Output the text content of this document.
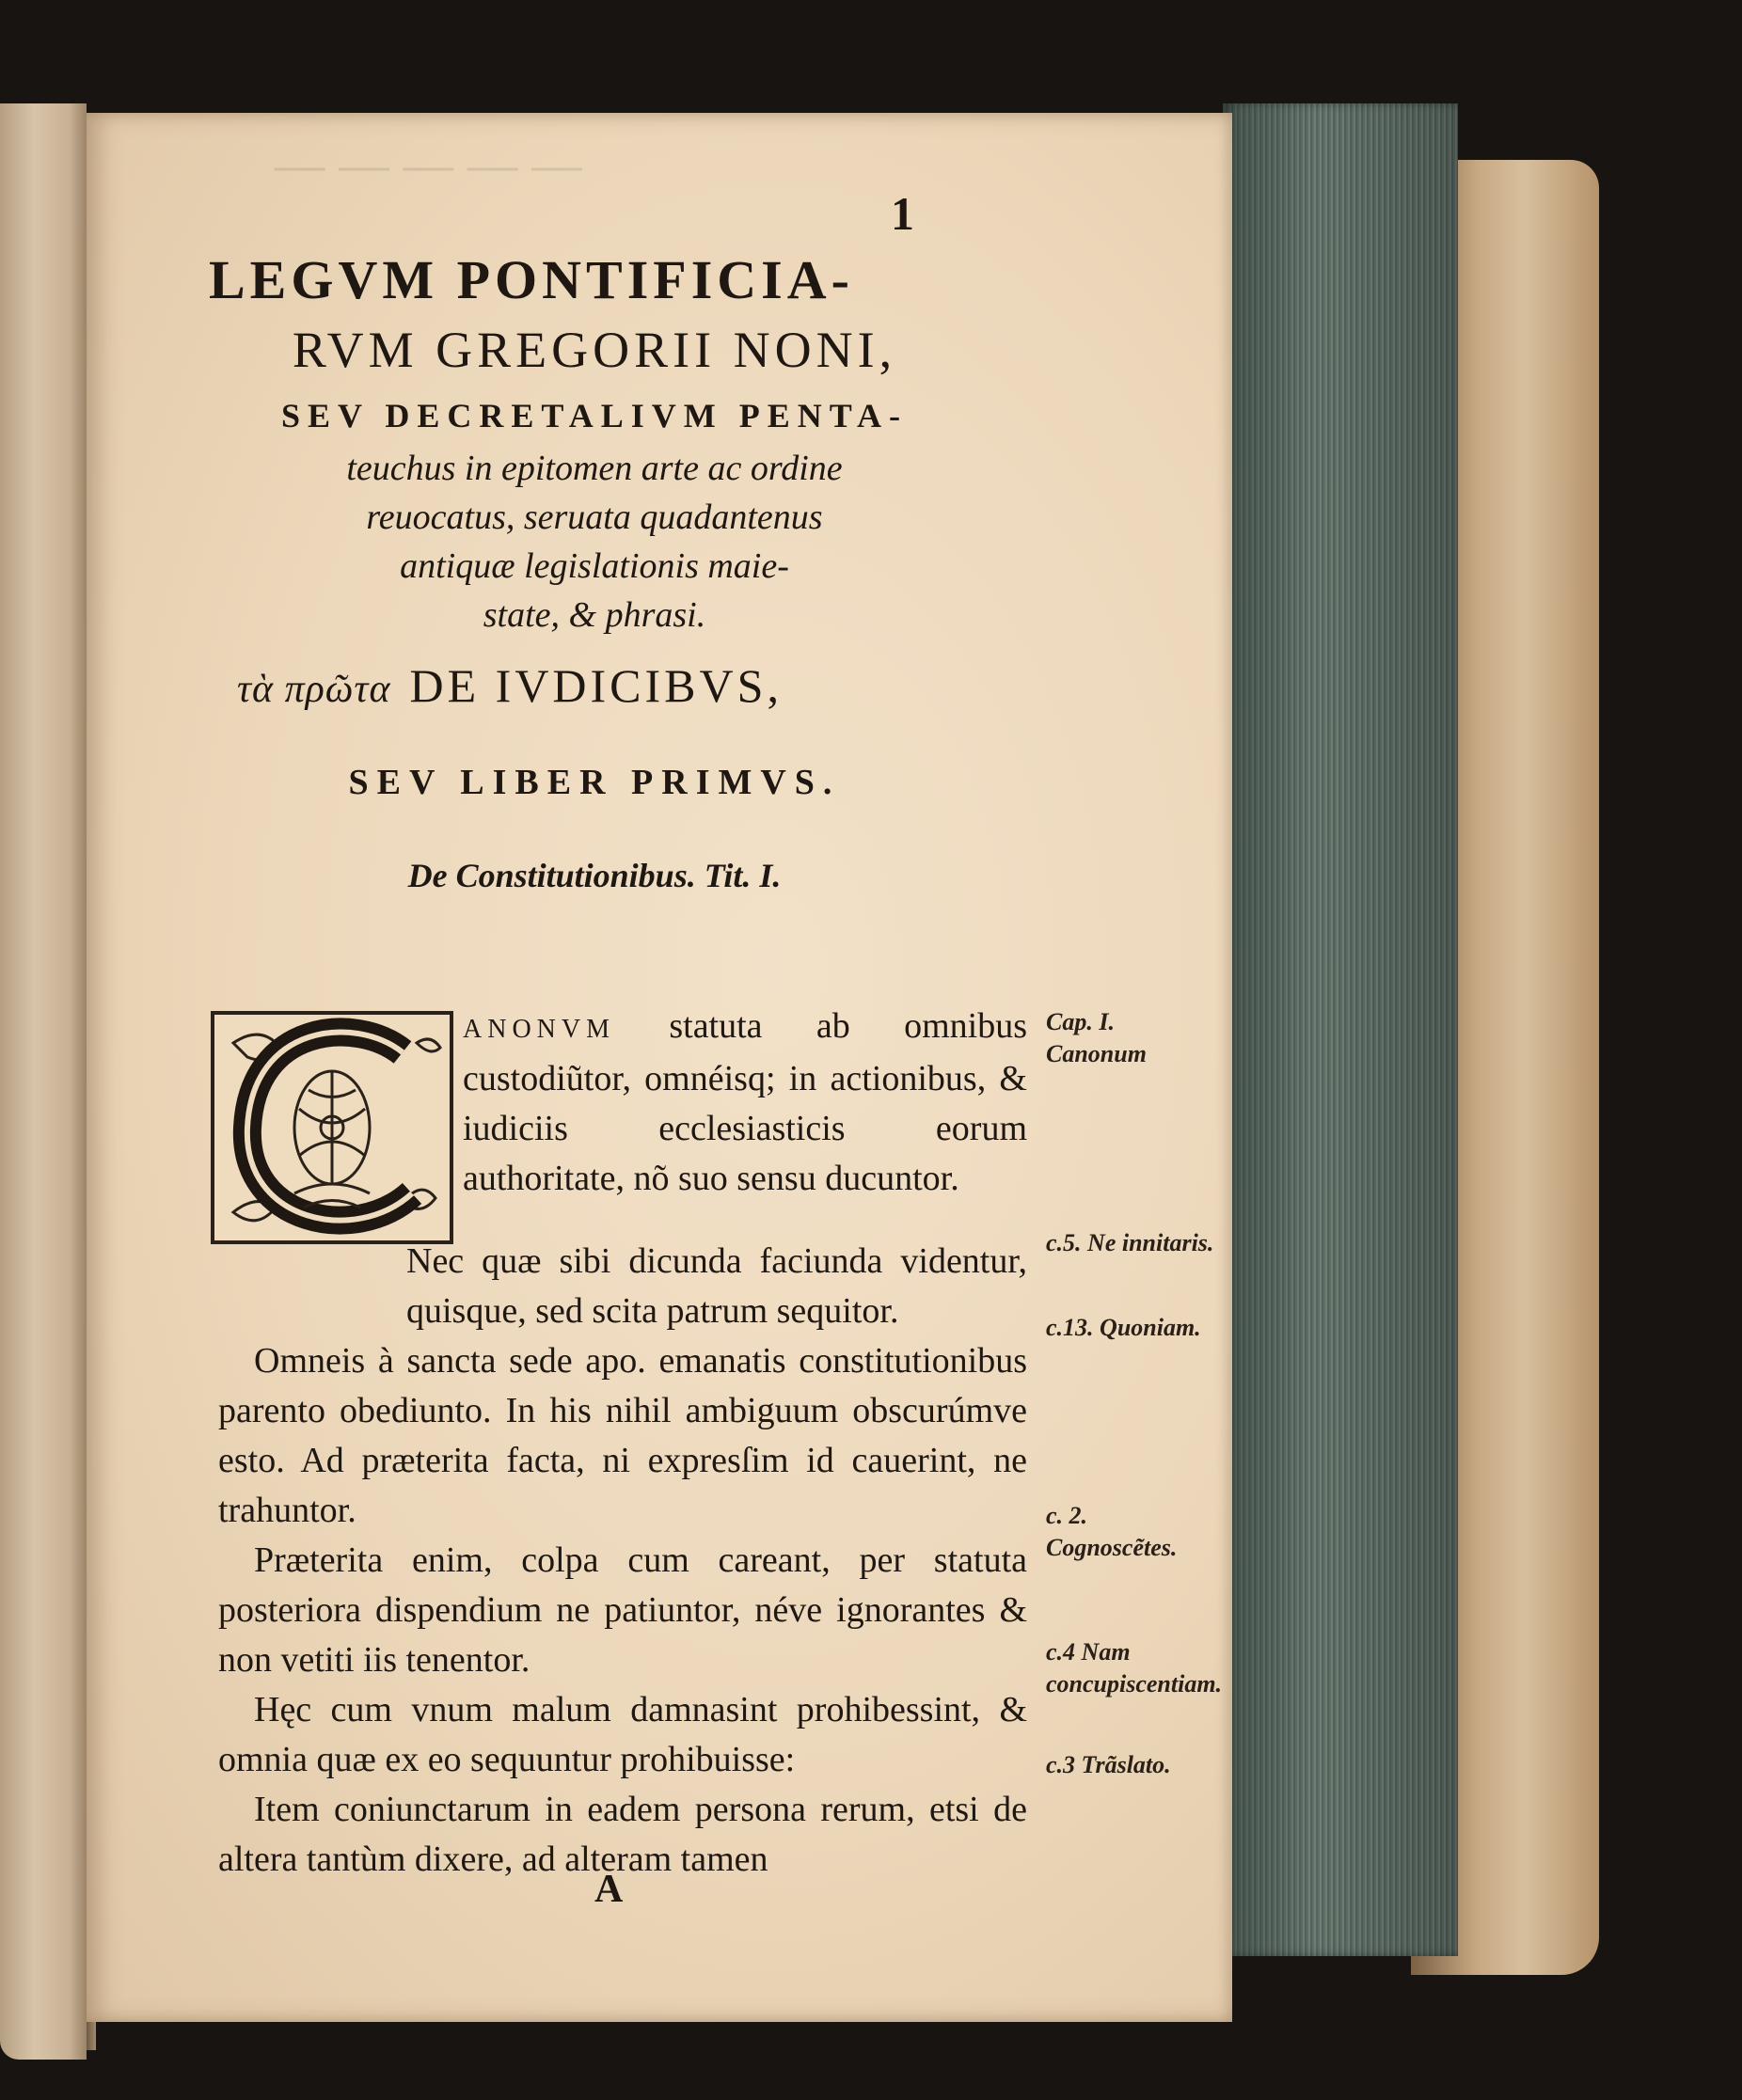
— — — — —
1
LEGVM PONTIFICIA-
RVM GREGORII NONI,
SEV DECRETALIVM PENTA-
teuchus in epitomen arte ac ordine
reuocatus, seruata quadantenus
antiquæ legislationis maie-
state, & phrasi.
τὰ πρῶτα DE IVDICIBVS,
SEV LIBER PRIMVS.
De Constitutionibus. Tit. I.
ANONVM statuta ab omnibus custodiũtor, omnéisq; in actionibus, & iudiciis ecclesiasticis eorum authoritate, nõ suo sensu ducuntor.

Nec quæ sibi dicunda faciunda videntur, quisque, sed scita patrum sequitor.

Omneis à sancta sede apo. emanatis constitutionibus parento obediunto. In his nihil ambiguum obscurúmve esto. Ad præterita facta, ni expresſim id cauerint, ne trahuntor.

Præterita enim, colpa cum careant, per statuta posteriora dispendium ne patiuntor, néve ignorantes & non vetiti iis tenentor.

Hęc cum vnum malum damnasint prohibessint, & omnia quæ ex eo sequuntur prohibuisse:

Item coniunctarum in eadem persona rerum, etsi de altera tantùm dixere, ad alteram tamen

A
Cap. I. Canonum
c.5. Ne innitaris.
c.13. Quoniam.
c. 2. Cognoscẽtes.
c.4 Nam concupiscentiam.
c.3 Trãslato.
